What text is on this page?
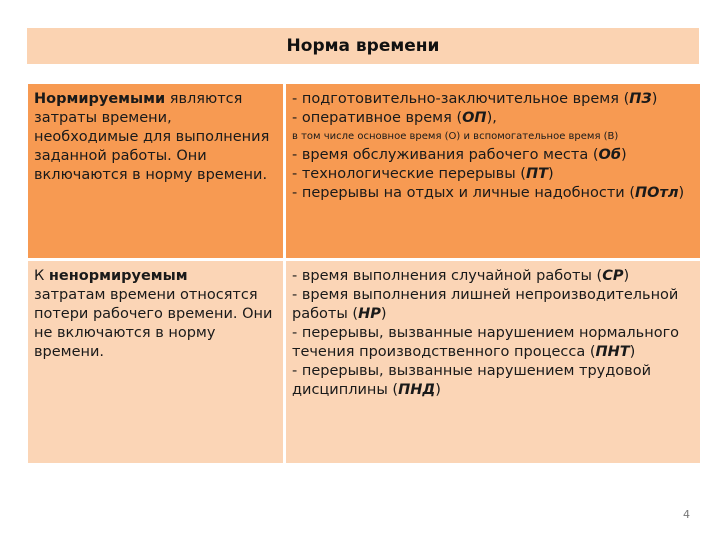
Норма времени
Нормируемыми являются затраты времени, необходимые для выполнения заданной работы. Они включаются в норму времени.
- подготовительно-заключительное время (ПЗ)
- оперативное время (ОП),
в том числе основное время (О) и вспомогательное время (В)
- время обслуживания рабочего места (Об)
- технологические перерывы (ПТ)
- перерывы на отдых и личные надобности (ПОтл)
К ненормируемым
затратам времени относятся потери рабочего времени. Они не включаются в норму времени.
- время выполнения случайной работы (СР)
- время выполнения лишней непроизводительной работы (НР)
- перерывы, вызванные нарушением нормального течения производственного процесса (ПНТ)
- перерывы, вызванные нарушением трудовой дисциплины (ПНД)
4
